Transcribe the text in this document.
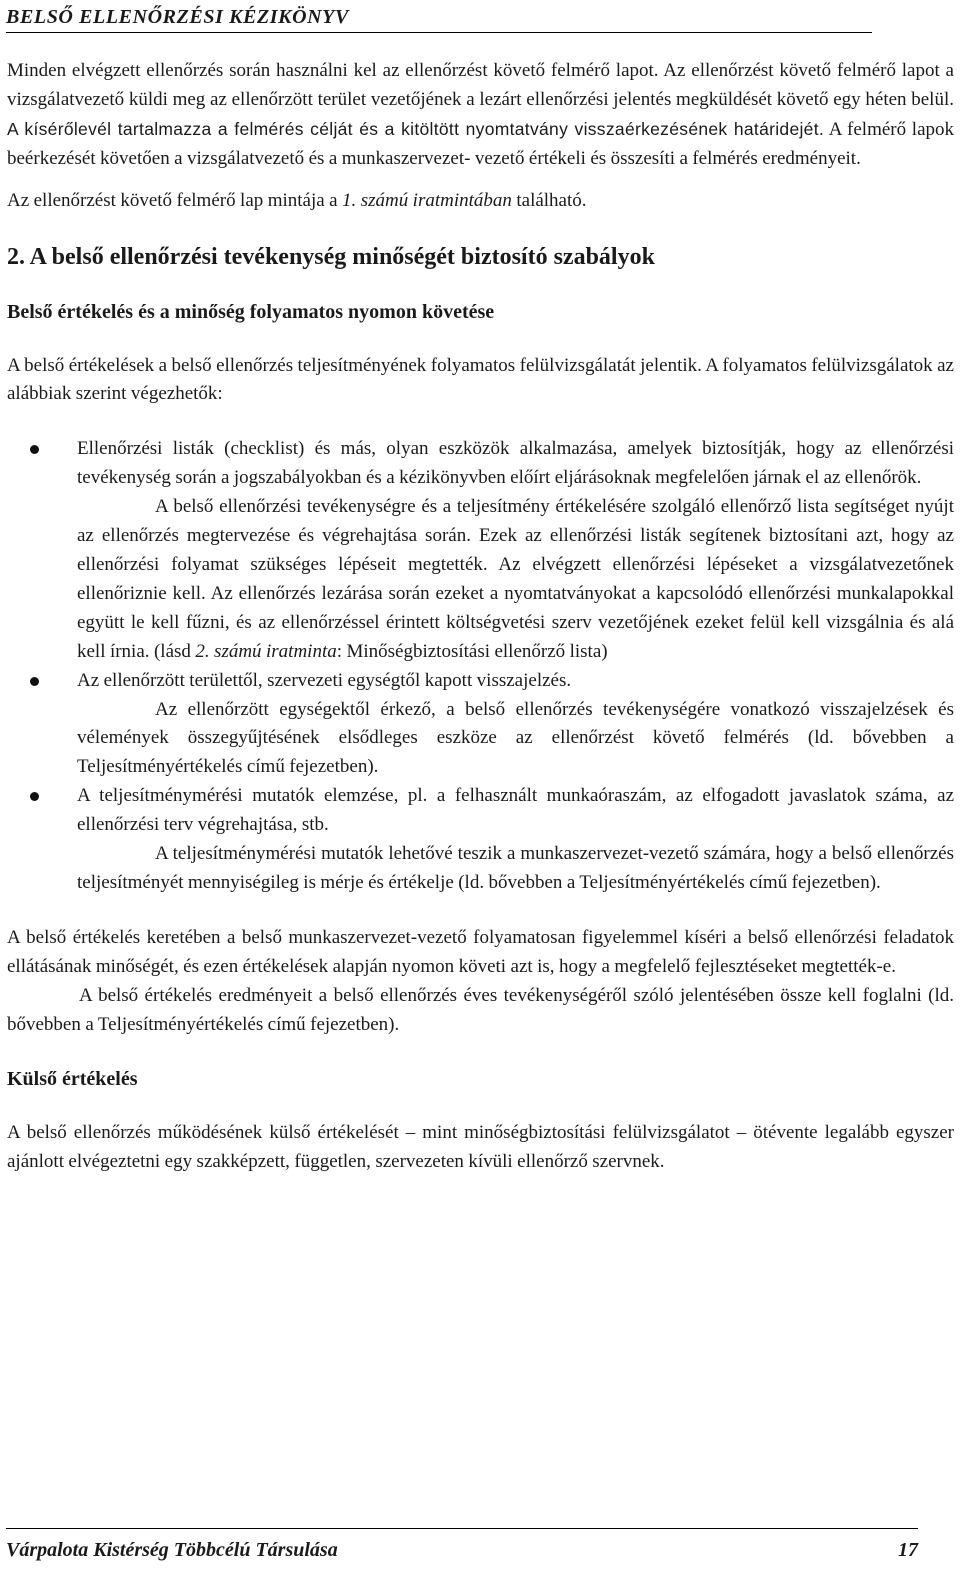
BELSŐ ELLENŐRZÉSI KÉZIKÖNYV

Minden elvégzett ellenőrzés során használni kel az ellenőrzést követő felmérő lapot. Az ellenőrzést követő felmérő lapot a vizsgálatvezető küldi meg az ellenőrzött terület vezetőjének a lezárt ellenőrzési jelentés megküldését követő egy héten belül. A kísérőlevél tartalmazza a felmérés célját és a kitöltött nyomtatvány visszaérkezésének határidejét. A felmérő lapok beérkezését követően a vizsgálatvezető és a munkaszervezet- vezető értékeli és összesíti a felmérés eredményeit.

Az ellenőrzést követő felmérő lap mintája a 1. számú iratmintában található.

2. A belső ellenőrzési tevékenység minőségét biztosító szabályok
Belső értékelés és a minőség folyamatos nyomon követése

A belső értékelések a belső ellenőrzés teljesítményének folyamatos felülvizsgálatát jelentik. A folyamatos felülvizsgálatok az alábbiak szerint végezhetők:

Ellenőrzési listák (checklist) és más, olyan eszközök alkalmazása, amelyek biztosítják, hogy az ellenőrzési tevékenység során a jogszabályokban és a kézikönyvben előírt eljárásoknak megfelelően járnak el az ellenőrök.

A belső ellenőrzési tevékenységre és a teljesítmény értékelésére szolgáló ellenőrző lista segítséget nyújt az ellenőrzés megtervezése és végrehajtása során. Ezek az ellenőrzési listák segítenek biztosítani azt, hogy az ellenőrzési folyamat szükséges lépéseit megtették. Az elvégzett ellenőrzési lépéseket a vizsgálatvezetőnek ellenőriznie kell. Az ellenőrzés lezárása során ezeket a nyomtatványokat a kapcsolódó ellenőrzési munkalapokkal együtt le kell fűzni, és az ellenőrzéssel érintett költségvetési szerv vezetőjének ezeket felül kell vizsgálnia és alá kell írnia. (lásd 2. számú iratminta: Minőségbiztosítási ellenőrző lista)

Az ellenőrzött területtől, szervezeti egységtől kapott visszajelzés.

Az ellenőrzött egységektől érkező, a belső ellenőrzés tevékenységére vonatkozó visszajelzések és vélemények összegyűjtésének elsődleges eszköze az ellenőrzést követő felmérés (ld. bővebben a Teljesítményértékelés című fejezetben).

A teljesítménymérési mutatók elemzése, pl. a felhasznált munkaóraszám, az elfogadott javaslatok száma, az ellenőrzési terv végrehajtása, stb.

A teljesítménymérési mutatók lehetővé teszik a munkaszervezet-vezető számára, hogy a belső ellenőrzés teljesítményét mennyiségileg is mérje és értékelje (ld. bővebben a Teljesítményértékelés című fejezetben).

A belső értékelés keretében a belső munkaszervezet-vezető folyamatosan figyelemmel kíséri a belső ellenőrzési feladatok ellátásának minőségét, és ezen értékelések alapján nyomon követi azt is, hogy a megfelelő fejlesztéseket megtették-e.

A belső értékelés eredményeit a belső ellenőrzés éves tevékenységéről szóló jelentésében össze kell foglalni (ld. bővebben a Teljesítményértékelés című fejezetben).

Külső értékelés

A belső ellenőrzés működésének külső értékelését – mint minőségbiztosítási felülvizsgálatot – ötévente legalább egyszer ajánlott elvégeztetni egy szakképzett, független, szervezeten kívüli ellenőrző szervnek.

Várpalota Kistérség Többcélú Társulása	17
